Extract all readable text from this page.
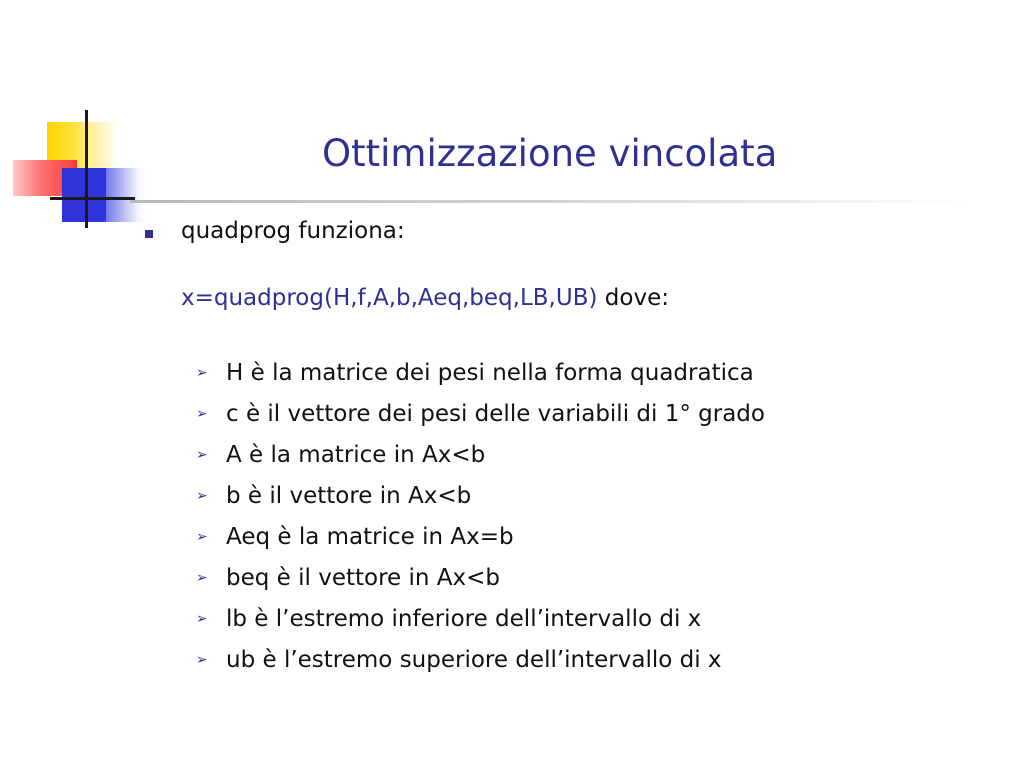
Ottimizzazione vincolata
quadprog funziona:
x=quadprog(H,f,A,b,Aeq,beq,LB,UB) dove:
➢ H è la matrice dei pesi nella forma quadratica
➢ c è il vettore dei pesi delle variabili di 1° grado
➢ A è la matrice in Ax<b
➢ b è il vettore in Ax<b
➢ Aeq è la matrice in Ax=b
➢ beq è il vettore in Ax<b
➢ lb è l’estremo inferiore dell’intervallo di x
➢ ub è l’estremo superiore dell’intervallo di x
